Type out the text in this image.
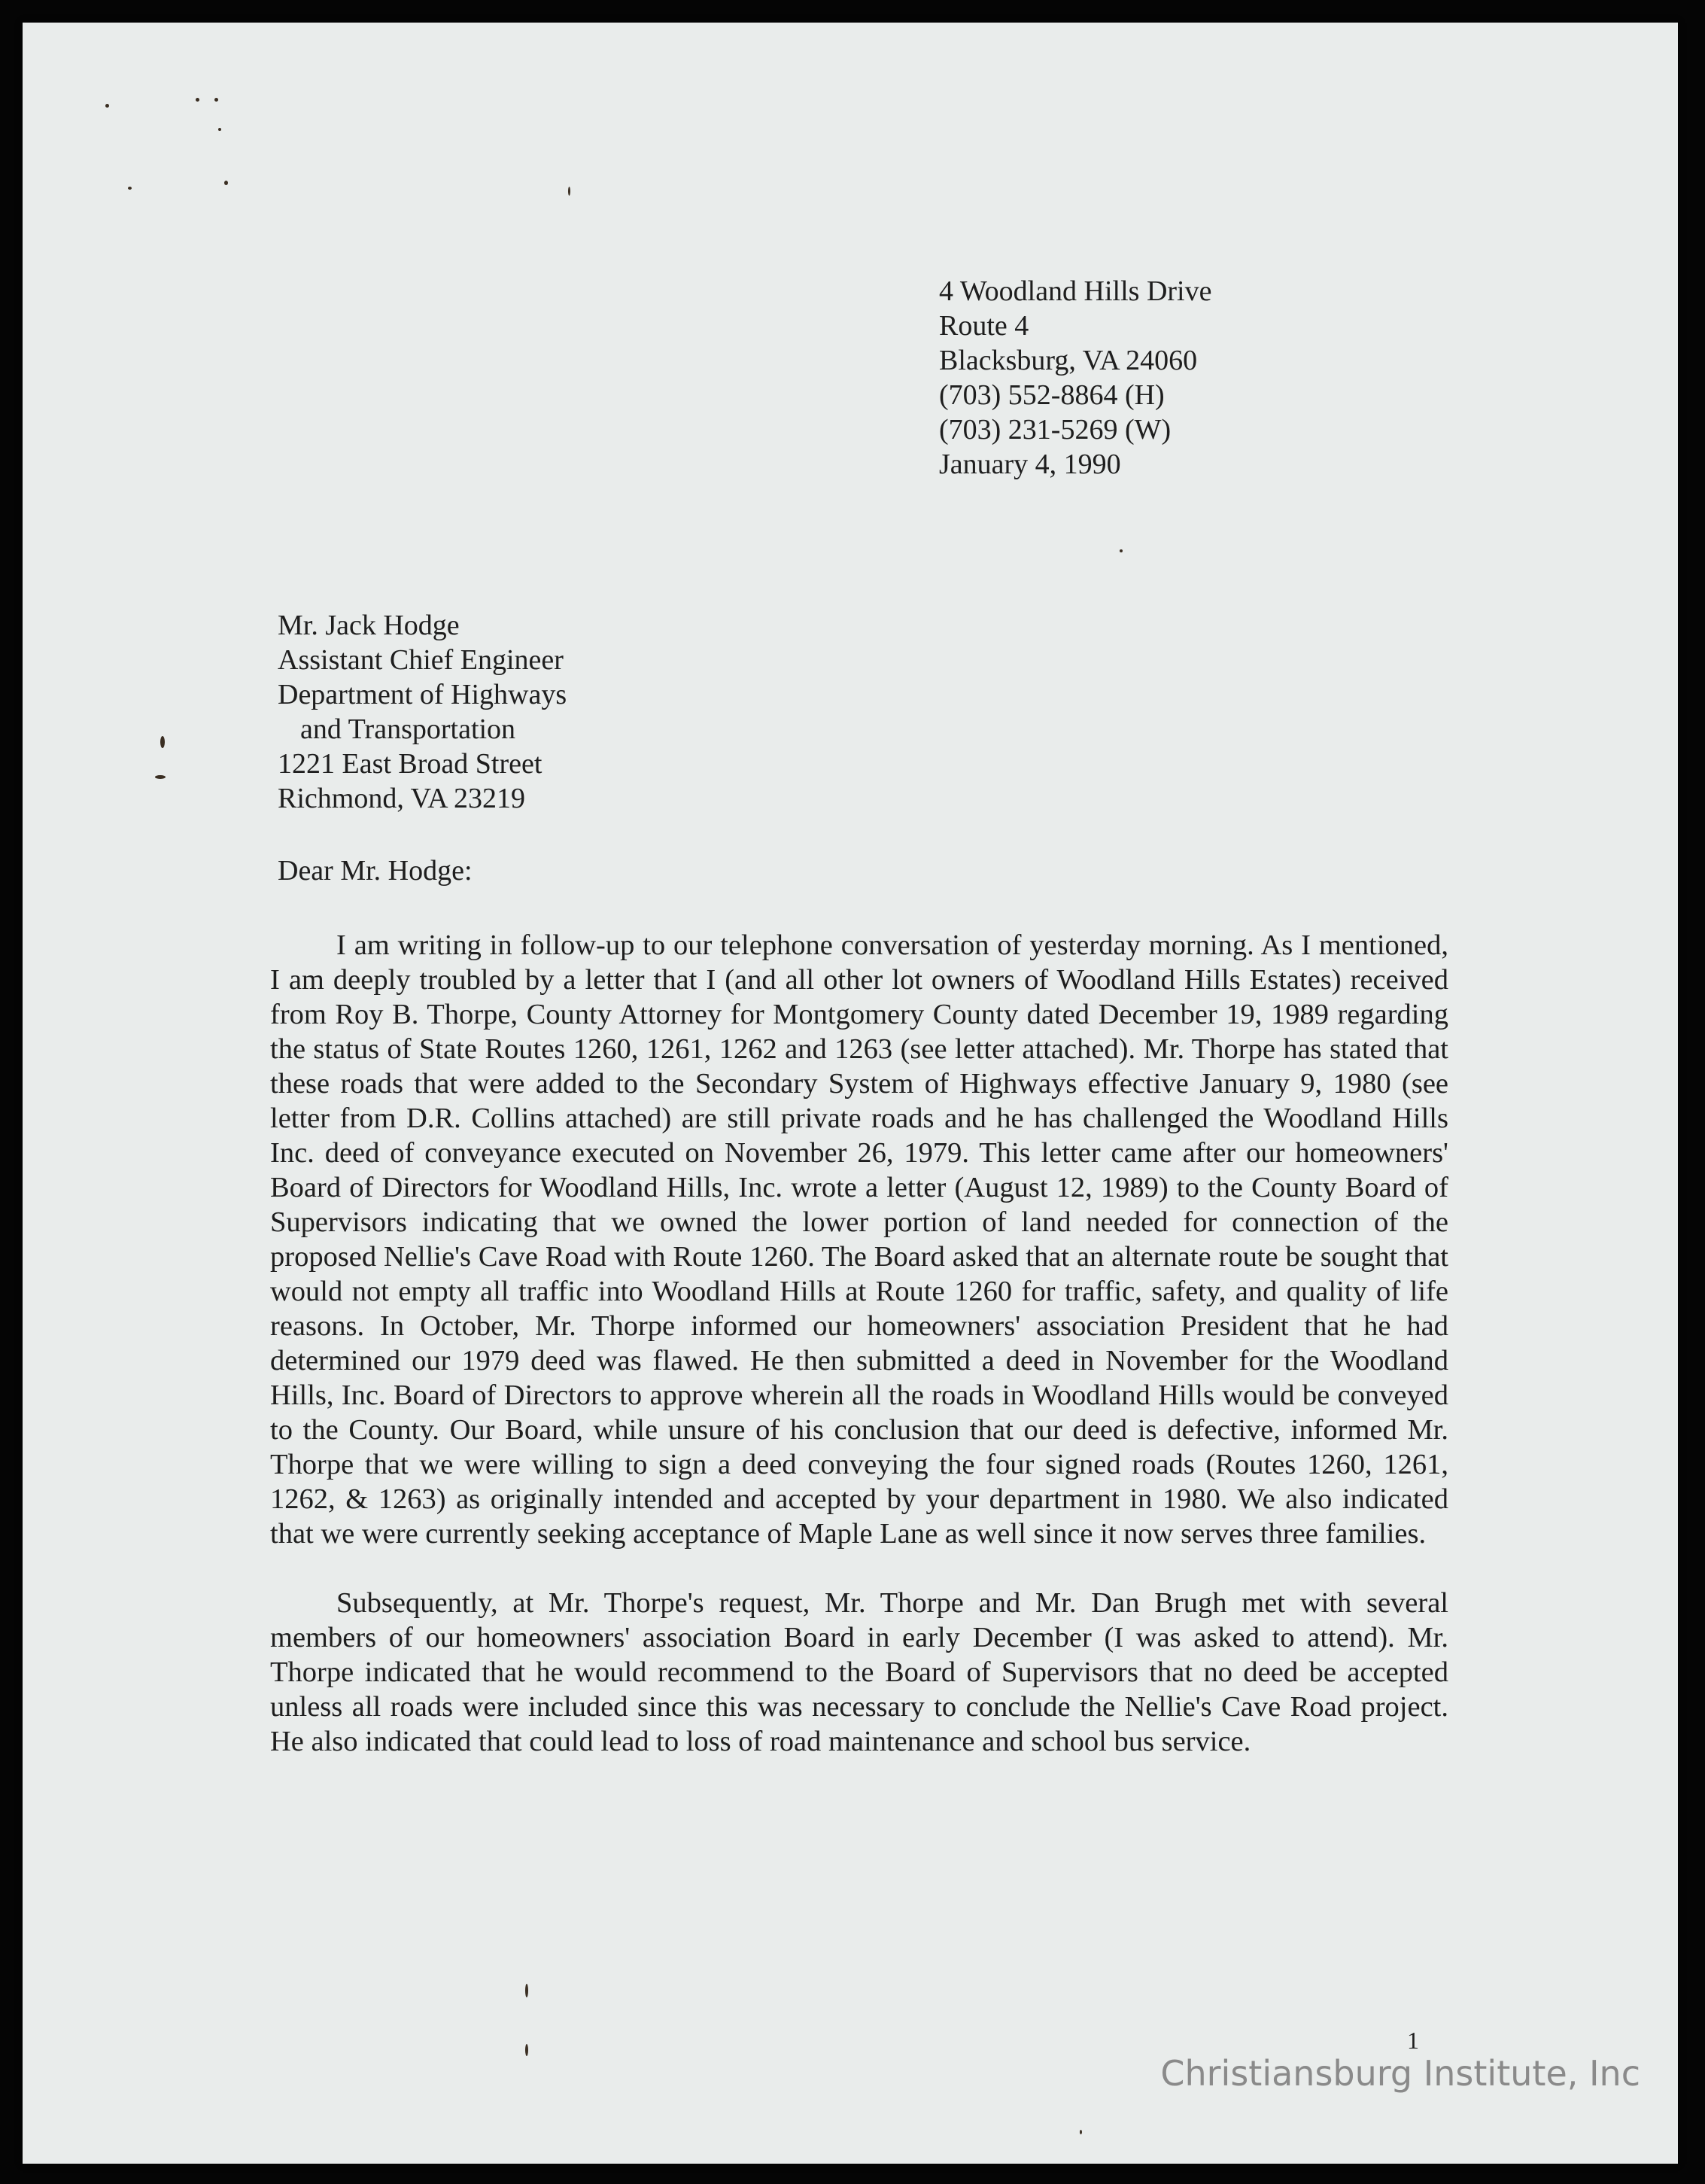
4 Woodland Hills Drive
Route 4
Blacksburg, VA 24060
(703) 552-8864 (H)
(703) 231-5269 (W)
January 4, 1990
Mr. Jack Hodge
Assistant Chief Engineer
Department of Highways
and Transportation
1221 East Broad Street
Richmond, VA 23219
Dear Mr. Hodge:

I am writing in follow-up to our telephone conversation of yesterday morning. As I mentioned, I am deeply troubled by a letter that I (and all other lot owners of Woodland Hills Estates) received from Roy B. Thorpe, County Attorney for Montgomery County dated December 19, 1989 regarding the status of State Routes 1260, 1261, 1262 and 1263 (see letter attached). Mr. Thorpe has stated that these roads that were added to the Secondary System of Highways effective January 9, 1980 (see letter from D.R. Collins attached) are still private roads and he has challenged the Woodland Hills Inc. deed of conveyance executed on November 26, 1979. This letter came after our homeowners' Board of Directors for Woodland Hills, Inc. wrote a letter (August 12, 1989) to the County Board of Supervisors indicating that we owned the lower portion of land needed for connection of the proposed Nellie's Cave Road with Route 1260. The Board asked that an alternate route be sought that would not empty all traffic into Woodland Hills at Route 1260 for traffic, safety, and quality of life reasons. In October, Mr. Thorpe informed our homeowners' association President that he had determined our 1979 deed was flawed. He then submitted a deed in November for the Woodland Hills, Inc. Board of Directors to approve wherein all the roads in Woodland Hills would be conveyed to the County. Our Board, while unsure of his conclusion that our deed is defective, informed Mr. Thorpe that we were willing to sign a deed conveying the four signed roads (Routes 1260, 1261, 1262, & 1263) as originally intended and accepted by your department in 1980. We also indicated that we were currently seeking acceptance of Maple Lane as well since it now serves three families.

Subsequently, at Mr. Thorpe's request, Mr. Thorpe and Mr. Dan Brugh met with several members of our homeowners' association Board in early December (I was asked to attend). Mr. Thorpe indicated that he would recommend to the Board of Supervisors that no deed be accepted unless all roads were included since this was necessary to conclude the Nellie's Cave Road project. He also indicated that could lead to loss of road maintenance and school bus service.

1
Christiansburg Institute, Inc
